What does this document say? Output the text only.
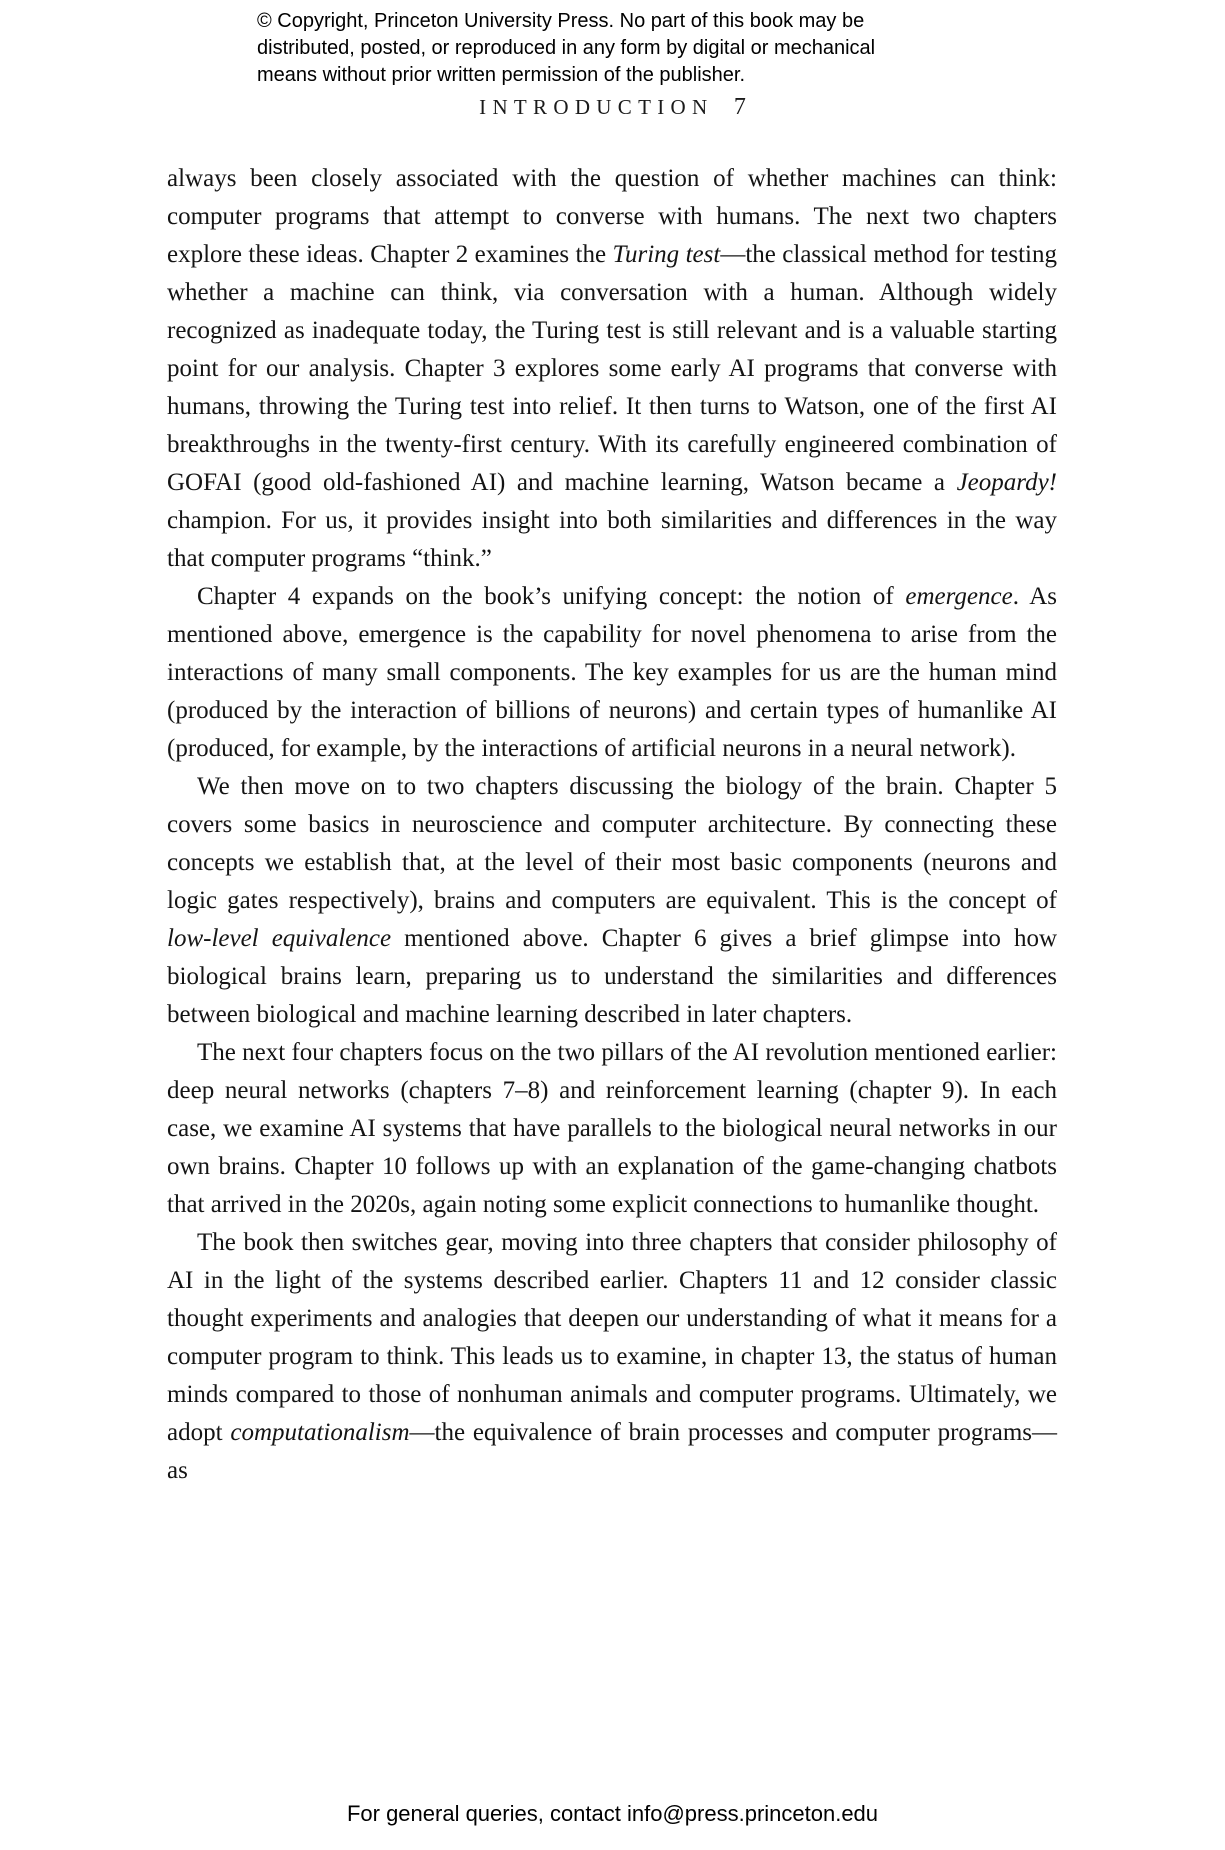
© Copyright, Princeton University Press. No part of this book may be
distributed, posted, or reproduced in any form by digital or mechanical
means without prior written permission of the publisher.
INTRODUCTION 7

always been closely associated with the question of whether machines can think: computer programs that attempt to converse with humans. The next two chapters explore these ideas. Chapter 2 examines the Turing test—the classical method for testing whether a machine can think, via conversation with a human. Although widely recognized as inadequate today, the Turing test is still relevant and is a valuable starting point for our analysis. Chapter 3 explores some early AI programs that converse with humans, throwing the Turing test into relief. It then turns to Watson, one of the first AI breakthroughs in the twenty-first century. With its carefully engineered combination of GOFAI (good old-fashioned AI) and machine learning, Watson became a Jeopardy! champion. For us, it provides insight into both similarities and differences in the way that computer programs “think.”

Chapter 4 expands on the book’s unifying concept: the notion of emergence. As mentioned above, emergence is the capability for novel phenomena to arise from the interactions of many small components. The key examples for us are the human mind (produced by the interaction of billions of neurons) and certain types of humanlike AI (produced, for example, by the interactions of artificial neurons in a neural network).

We then move on to two chapters discussing the biology of the brain. Chapter 5 covers some basics in neuroscience and computer architecture. By connecting these concepts we establish that, at the level of their most basic components (neurons and logic gates respectively), brains and computers are equivalent. This is the concept of low-level equivalence mentioned above. Chapter 6 gives a brief glimpse into how biological brains learn, preparing us to understand the similarities and differences between biological and machine learning described in later chapters.

The next four chapters focus on the two pillars of the AI revolution mentioned earlier: deep neural networks (chapters 7–8) and reinforcement learning (chapter 9). In each case, we examine AI systems that have parallels to the biological neural networks in our own brains. Chapter 10 follows up with an explanation of the game-changing chatbots that arrived in the 2020s, again noting some explicit connections to humanlike thought.

The book then switches gear, moving into three chapters that consider philosophy of AI in the light of the systems described earlier. Chapters 11 and 12 consider classic thought experiments and analogies that deepen our understanding of what it means for a computer program to think. This leads us to examine, in chapter 13, the status of human minds compared to those of nonhuman animals and computer programs. Ultimately, we adopt computationalism—the equivalence of brain processes and computer programs—as

For general queries, contact info@press.princeton.edu
